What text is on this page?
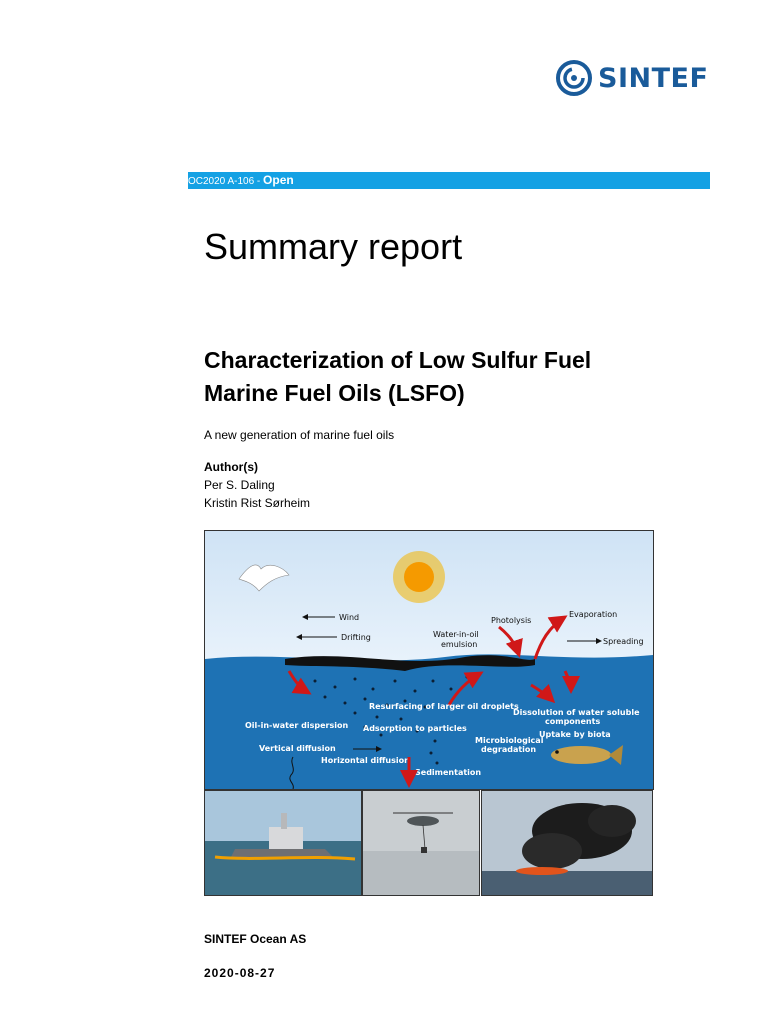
SINTEF
OC2020 A-106 - Open
Summary report
Characterization of Low Sulfur Fuel
Marine Fuel Oils (LSFO)
A new generation of marine fuel oils
Author(s)
Per S. Daling
Kristin Rist Sørheim
Wind
Drifting
Photolysis
Evaporation
Spreading
Water-in-oil
emulsion
Resurfacing of larger oil droplets
Dissolution of water soluble
components
Oil-in-water dispersion Adsorption to particles
Uptake by biota
Microbiological
degradation
Vertical diffusion
Horizontal diffusion
Sedimentation
SINTEF Ocean AS
2020-08-27
